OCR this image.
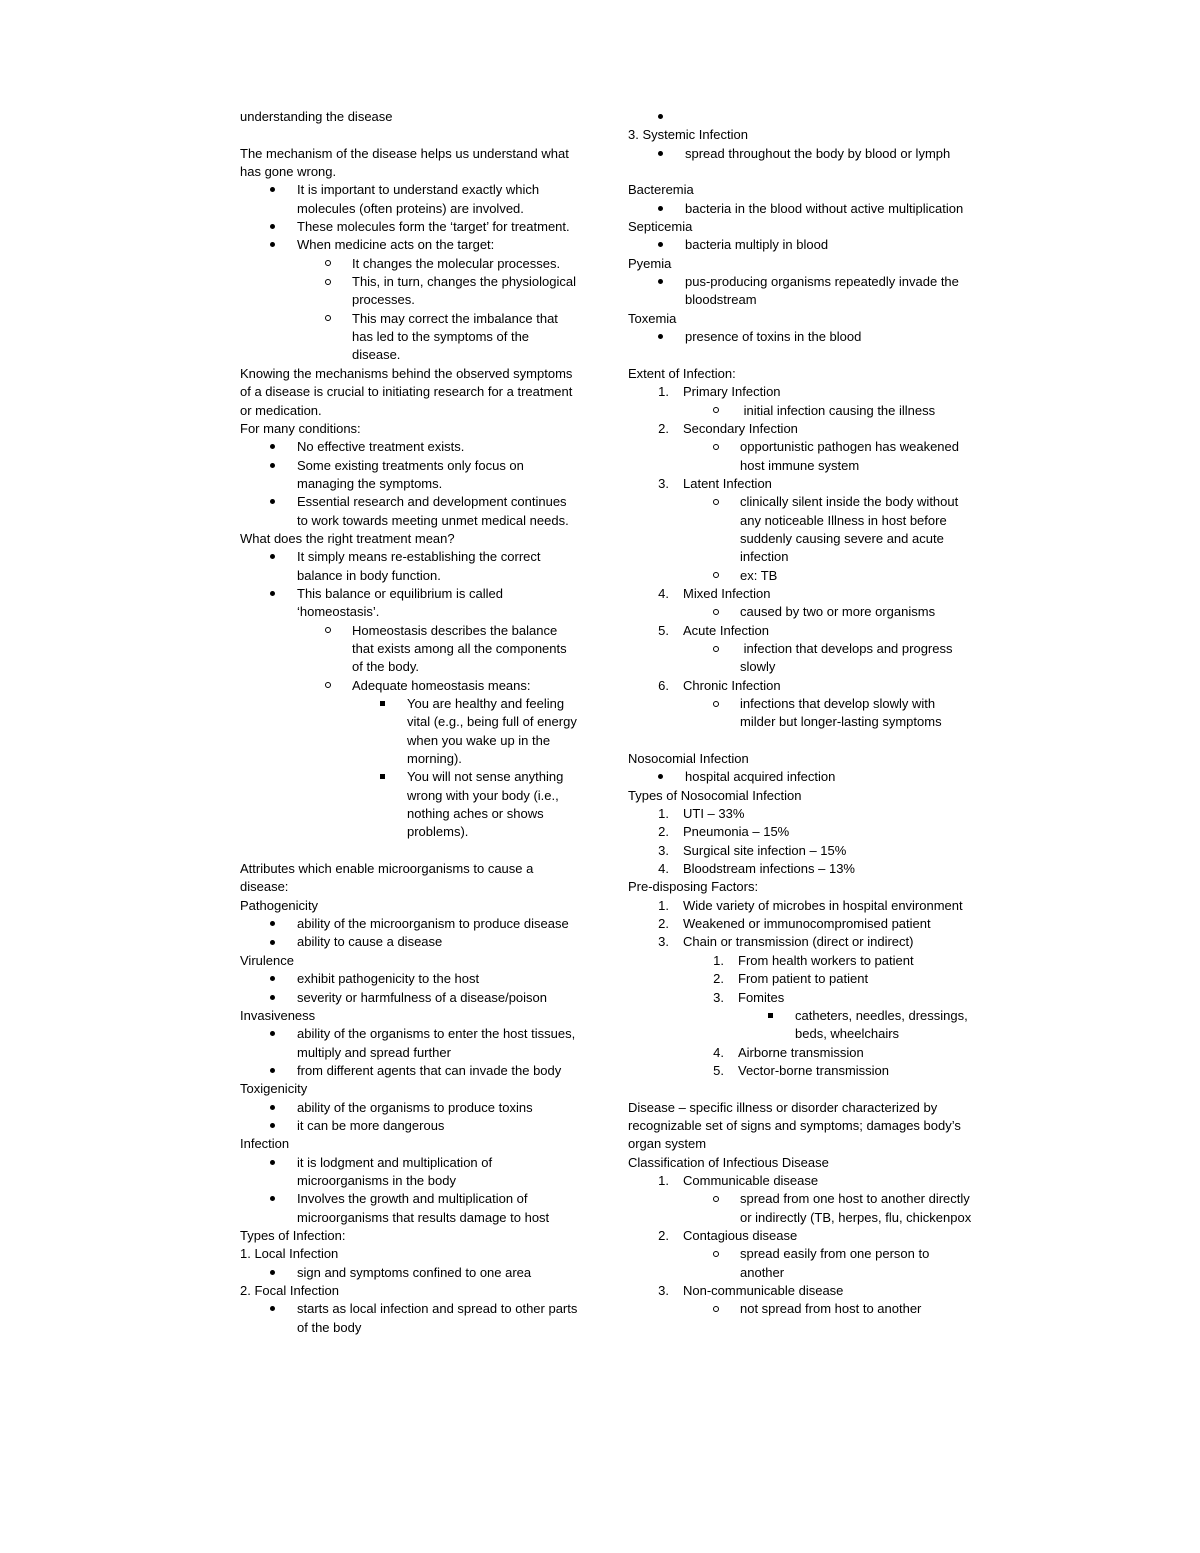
understanding the disease
The mechanism of the disease helps us understand what has gone wrong.
It is important to understand exactly which molecules (often proteins) are involved.
These molecules form the ‘target’ for treatment.
When medicine acts on the target:
It changes the molecular processes.
This, in turn, changes the physiological processes.
This may correct the imbalance that has led to the symptoms of the disease.
Knowing the mechanisms behind the observed symptoms of a disease is crucial to initiating research for a treatment or medication.
For many conditions:
No effective treatment exists.
Some existing treatments only focus on managing the symptoms.
Essential research and development continues to work towards meeting unmet medical needs.
What does the right treatment mean?
It simply means re-establishing the correct balance in body function.
This balance or equilibrium is called ‘homeostasis’.
Homeostasis describes the balance that exists among all the components of the body.
Adequate homeostasis means:
You are healthy and feeling vital (e.g., being full of energy when you wake up in the morning).
You will not sense anything wrong with your body (i.e., nothing aches or shows problems).
Attributes which enable microorganisms to cause a disease:
Pathogenicity
ability of the microorganism to produce disease
ability to cause a disease
Virulence
exhibit pathogenicity to the host
severity or harmfulness of a disease/poison
Invasiveness
ability of the organisms to enter the host tissues, multiply and spread further
from different agents that can invade the body
Toxigenicity
ability of the organisms to produce toxins
it can be more dangerous
Infection
it is lodgment and multiplication of microorganisms in the body
Involves the growth and multiplication of microorganisms that results damage to host
Types of Infection:
1. Local Infection
sign and symptoms confined to one area
2. Focal Infection
starts as local infection and spread to other parts of the body
3. Systemic Infection
spread throughout the body by blood or lymph
Bacteremia
bacteria in the blood without active multiplication
Septicemia
bacteria multiply in blood
Pyemia
pus-producing organisms repeatedly invade the bloodstream
Toxemia
presence of toxins in the blood
Extent of Infection:
1.	Primary Infection
initial infection causing the illness
2.	Secondary Infection
opportunistic pathogen has weakened host immune system
3.	Latent Infection
clinically silent inside the body without any noticeable Illness in host before suddenly causing severe and acute infection
ex: TB
4.	Mixed Infection
caused by two or more organisms
5.	Acute Infection
infection that develops and progress slowly
6.	Chronic Infection
infections that develop slowly with milder but longer-lasting symptoms
Nosocomial Infection
hospital acquired infection
Types of Nosocomial Infection
1.	UTI – 33%
2.	Pneumonia – 15%
3.	Surgical site infection – 15%
4.	Bloodstream infections – 13%
Pre-disposing Factors:
1.	Wide variety of microbes in hospital environment
2.	Weakened or immunocompromised patient
3.	Chain or transmission (direct or indirect)
1.	From health workers to patient
2.	From patient to patient
3.	Fomites
catheters, needles, dressings, beds, wheelchairs
4.	Airborne transmission
5.	Vector-borne transmission
Disease – specific illness or disorder characterized by recognizable set of signs and symptoms; damages body’s organ system
Classification of Infectious Disease
1.	Communicable disease
spread from one host to another directly or indirectly (TB, herpes, flu, chickenpox
2.	Contagious disease
spread easily from one person to another
3.	Non-communicable disease
not spread from host to another
